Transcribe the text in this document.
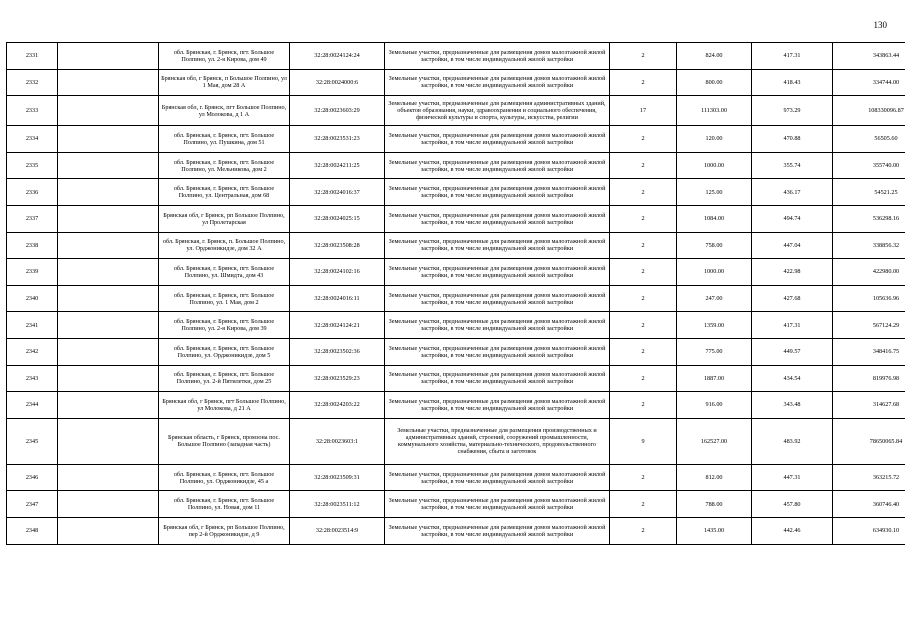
130
2331		обл. Брянская, г. Брянск, пгт. Большое Полпино, ул. 2-я Кирова, дом 49	32:28:0024124:24	Земельные участки, предназначенные для размещения домов малоэтажной жилой застройки, в том числе индивидуальной жилой застройки	2	824.00	417.31	343863.44
2332		Брянская обл, г Брянск, п Большое Полпино, ул 1 Мая, дом 28 А	32:28:0024000:6	Земельные участки, предназначенные для размещения домов малоэтажной жилой застройки, в том числе индивидуальной жилой застройки	2	800.00	418.43	334744.00
2333		Брянская обл, г. Брянск, пгт Большое Полпино, ул Молокова, д 1 А	32:28:0023603:29	Земельные участки, предназначенные для размещения административных зданий, объектов образования, науки, здравоохранения и социального обеспечения, физической культуры и спорта, культуры, искусства, религии	17	111303.00	973.29	108330096.87
2334		обл. Брянская, г. Брянск, пгт. Большое Полпино, ул. Пушкина, дом 51	32:28:0023531:23	Земельные участки, предназначенные для размещения домов малоэтажной жилой застройки, в том числе индивидуальной жилой застройки	2	120.00	470.88	56505.60
2335		обл. Брянская, г. Брянск, пгт. Большое Полпино, ул. Мельникова, дом 2	32:28:0024211:25	Земельные участки, предназначенные для размещения домов малоэтажной жилой застройки, в том числе индивидуальной жилой застройки	2	1000.00	355.74	355740.00
2336		обл. Брянская, г. Брянск, пгт. Большое Полпино, ул. Центральная, дом 68	32:28:0024016:37	Земельные участки, предназначенные для размещения домов малоэтажной жилой застройки, в том числе индивидуальной жилой застройки	2	125.00	436.17	54521.25
2337		Брянская обл, г Брянск, рп Большое Полпино, ул Пролетарская	32:28:0024025:15	Земельные участки, предназначенные для размещения домов малоэтажной жилой застройки, в том числе индивидуальной жилой застройки	2	1084.00	494.74	536298.16
2338		обл. Брянская, г. Брянск, п. Большое Полпино, ул. Орджоникидзе, дом 32 А	32:28:0023508:28	Земельные участки, предназначенные для размещения домов малоэтажной жилой застройки, в том числе индивидуальной жилой застройки	2	758.00	447.04	338856.32
2339		обл. Брянская, г. Брянск, пгт. Большое Полпино, ул. Шмидта, дом 43	32:28:0024102:16	Земельные участки, предназначенные для размещения домов малоэтажной жилой застройки, в том числе индивидуальной жилой застройки	2	1000.00	422.98	422980.00
2340		обл. Брянская, г. Брянск, пгт. Большое Полпино, ул. 1 Мая, дом 2	32:28:0024016:11	Земельные участки, предназначенные для размещения домов малоэтажной жилой застройки, в том числе индивидуальной жилой застройки	2	247.00	427.68	105636.96
2341		обл. Брянская, г. Брянск, пгт. Большое Полпино, ул. 2-я Кирова, дом 39	32:28:0024124:21	Земельные участки, предназначенные для размещения домов малоэтажной жилой застройки, в том числе индивидуальной жилой застройки	2	1359.00	417.31	567124.29
2342		обл. Брянская, г. Брянск, пгт. Большое Полпино, ул. Орджоникидзе, дом 5	32:28:0023502:36	Земельные участки, предназначенные для размещения домов малоэтажной жилой застройки, в том числе индивидуальной жилой застройки	2	775.00	449.57	348416.75
2343		обл. Брянская, г. Брянск, пгт. Большое Полпино, ул. 2-й Пятилетки, дом 25	32:28:0023529:23	Земельные участки, предназначенные для размещения домов малоэтажной жилой застройки, в том числе индивидуальной жилой застройки	2	1887.00	434.54	819976.98
2344		Брянская обл, г Брянск, пгт Большое Полпино, ул Молокова, д 21 А	32:28:0024203:22	Земельные участки, предназначенные для размещения домов малоэтажной жилой застройки, в том числе индивидуальной жилой застройки	2	916.00	343.48	314627.68
2345		Брянская область, г Брянск, промзона пос. Большое Полпино (западная часть)	32:28:0023603:1	Земельные участки, предназначенные для размещения производственных и административных зданий, строений, сооружений промышленности, коммунального хозяйства, материально-технического, продовольственного снабжения, сбыта и заготовок	9	162527.00	483.92	78650065.84
2346		обл. Брянская, г. Брянск, пгт. Большое Полпино, ул. Орджоникидзе, 45 а	32:28:0023509:31	Земельные участки, предназначенные для размещения домов малоэтажной жилой застройки, в том числе индивидуальной жилой застройки	2	812.00	447.31	363215.72
2347		обл. Брянская, г. Брянск, пгт. Большое Полпино, ул. Новая, дом 11	32:28:0023511:12	Земельные участки, предназначенные для размещения домов малоэтажной жилой застройки, в том числе индивидуальной жилой застройки	2	788.00	457.80	360746.40
2348		Брянская обл, г Брянск, рп Большое Полпино, пер 2-й Орджоникидзе, д 9	32:28:0023514:9	Земельные участки, предназначенные для размещения домов малоэтажной жилой застройки, в том числе индивидуальной жилой застройки	2	1435.00	442.46	634930.10
